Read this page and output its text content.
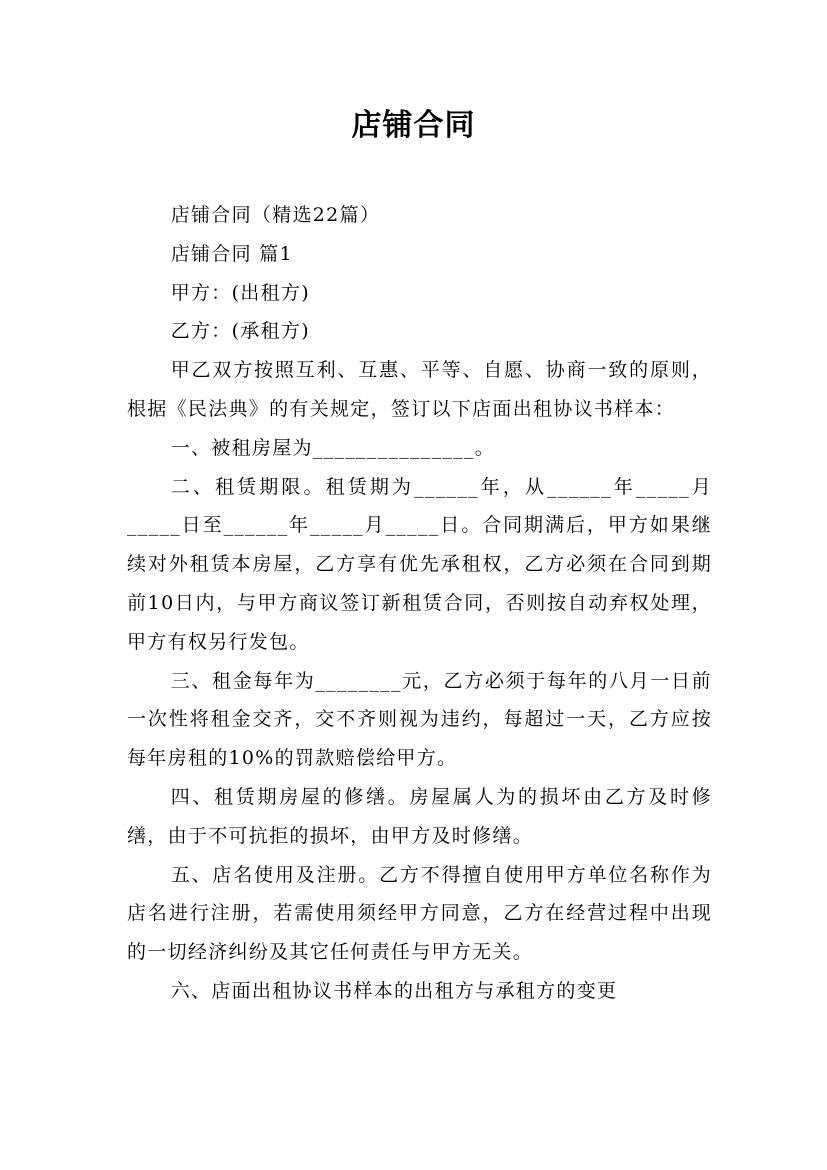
店铺合同

店铺合同（精选22篇）

店铺合同 篇1

甲方：(出租方)

乙方：(承租方)

甲乙双方按照互利、互惠、平等、自愿、协商一致的原则，根据《民法典》的有关规定，签订以下店面出租协议书样本：

一、被租房屋为_______________。

二、租赁期限。租赁期为______年，从______年_____月_____日至______年_____月_____日。合同期满后，甲方如果继续对外租赁本房屋，乙方享有优先承租权，乙方必须在合同到期前10日内，与甲方商议签订新租赁合同，否则按自动弃权处理，甲方有权另行发包。

三、租金每年为________元，乙方必须于每年的八月一日前一次性将租金交齐，交不齐则视为违约，每超过一天，乙方应按每年房租的10%的罚款赔偿给甲方。

四、租赁期房屋的修缮。房屋属人为的损坏由乙方及时修缮，由于不可抗拒的损坏，由甲方及时修缮。

五、店名使用及注册。乙方不得擅自使用甲方单位名称作为店名进行注册，若需使用须经甲方同意，乙方在经营过程中出现的一切经济纠纷及其它任何责任与甲方无关。

六、店面出租协议书样本的出租方与承租方的变更
